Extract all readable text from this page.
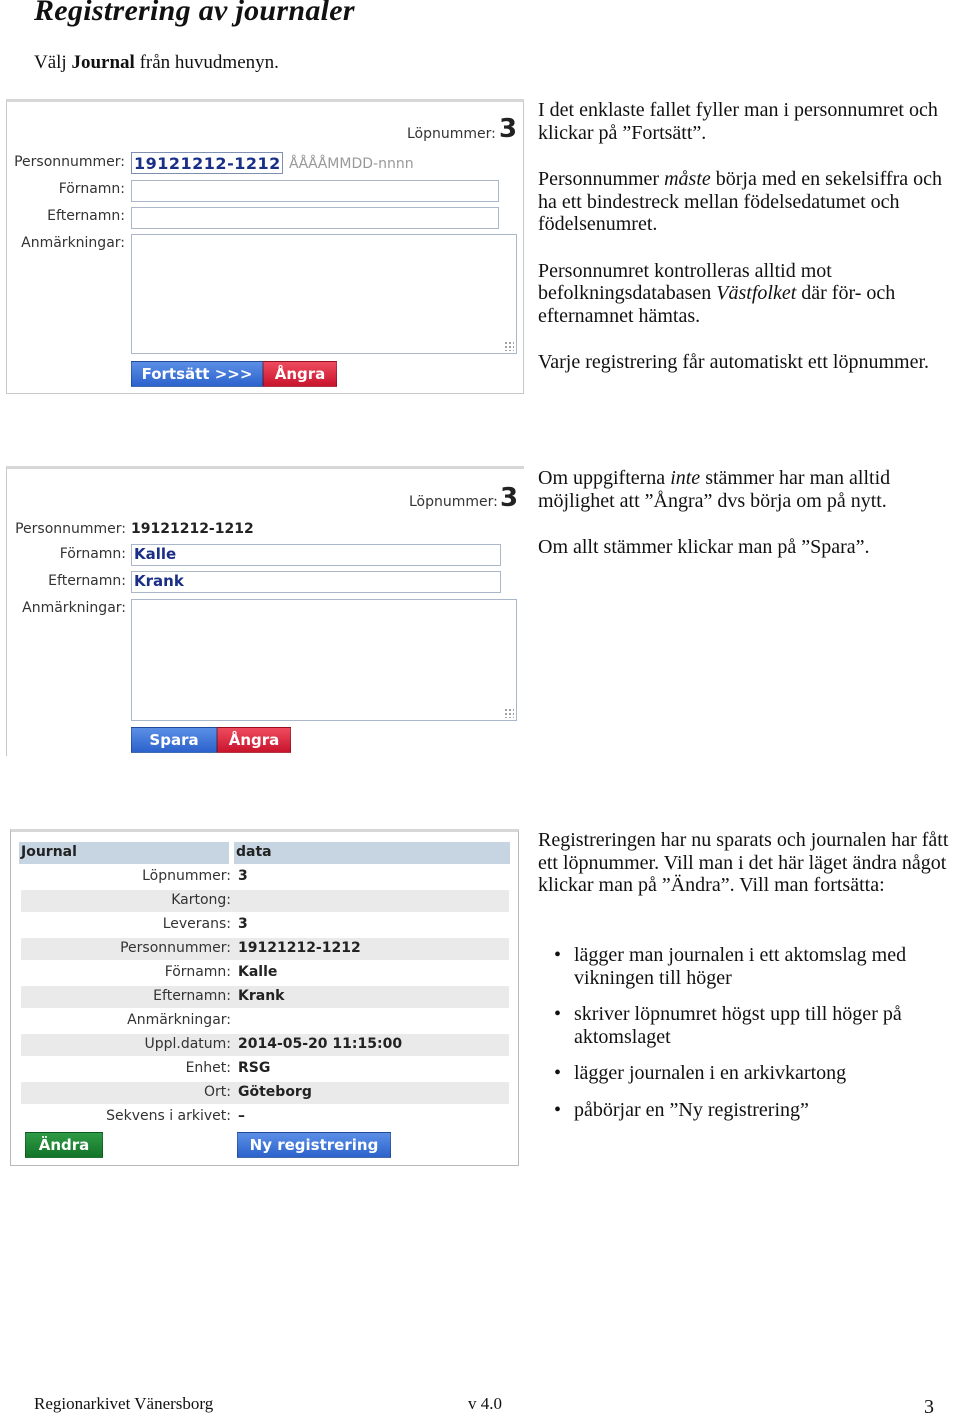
Registrering av journaler
Välj Journal från huvudmenyn.
Löpnummer: 3
Personnummer: 19121212-1212 ÅÅÅÅMMDD-nnnn
Förnamn:
Efternamn:
Anmärkningar:
Fortsätt >>>	Ångra

I det enklaste fallet fyller man i personnumret och klickar på ”Fortsätt”.

Personnummer måste börja med en sekelsiffra och ha ett bindestreck mellan födelsedatumet och födelsenumret.

Personnumret kontrolleras alltid mot befolkningsdatabasen Västfolket där för- och efternamnet hämtas.

Varje registrering får automatiskt ett löpnummer.

Löpnummer: 3
Personnummer: 19121212-1212
Förnamn: Kalle
Efternamn: Krank
Anmärkningar:
Spara	Ångra

Om uppgifterna inte stämmer har man alltid möjlighet att ”Ångra” dvs börja om på nytt.

Om allt stämmer klickar man på ”Spara”.

Journal	data
Löpnummer: 3
Kartong:
Leverans: 3
Personnummer: 19121212-1212
Förnamn: Kalle
Efternamn: Krank
Anmärkningar:
Uppl.datum: 2014-05-20 11:15:00
Enhet: RSG
Ort: Göteborg
Sekvens i arkivet: –
Ändra	Ny registrering

Registreringen har nu sparats och journalen har fått ett löpnummer. Vill man i det här läget ändra något klickar man på ”Ändra”. Vill man fortsätta:

• lägger man journalen i ett aktomslag med vikningen till höger
• skriver löpnumret högst upp till höger på aktomslaget
• lägger journalen i en arkivkartong
• påbörjar en ”Ny registrering”
Regionarkivet Vänersborg	v 4.0	3
